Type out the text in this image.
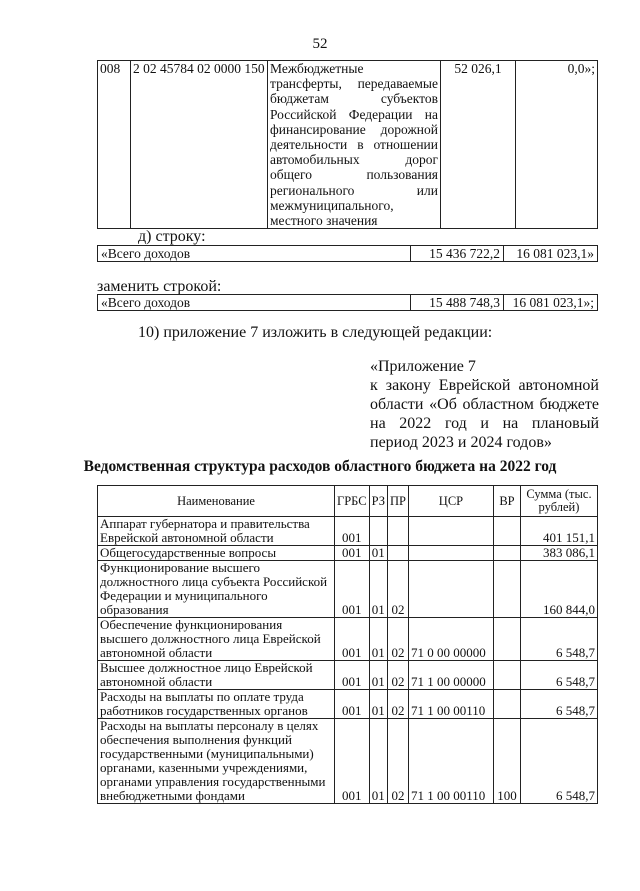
52
008	2 02 45784 02 0000 150	Межбюджетные трансферты, передаваемые бюджетам субъектов Российской Федерации на финансирование дорожной деятельности в отношении автомобильных дорог общего пользования регионального или межмуниципального, местного значения	52 026,1	0,0»;
д) строку:
«Всего доходов	15 436 722,2	16 081 023,1»
заменить строкой:
«Всего доходов	15 488 748,3	16 081 023,1»;
10) приложение 7 изложить в следующей редакции:
«Приложение 7
к закону Еврейской автономной области «Об областном бюджете на 2022 год и на плановый период 2023 и 2024 годов»
Ведомственная структура расходов областного бюджета на 2022 год
Наименование	ГРБС	РЗ	ПР	ЦСР	ВР	Сумма (тыс. рублей)
Аппарат губернатора и правительства Еврейской автономной области	001					401 151,1
Общегосударственные вопросы	001	01				383 086,1
Функционирование высшего должностного лица субъекта Российской Федерации и муниципального образования	001	01	02			160 844,0
Обеспечение функционирования высшего должностного лица Еврейской автономной области	001	01	02	71 0 00 00000		6 548,7
Высшее должностное лицо Еврейской автономной области	001	01	02	71 1 00 00000		6 548,7
Расходы на выплаты по оплате труда работников государственных органов	001	01	02	71 1 00 00110		6 548,7
Расходы на выплаты персоналу в целях обеспечения выполнения функций государственными (муниципальными) органами, казенными учреждениями, органами управления государственными внебюджетными фондами	001	01	02	71 1 00 00110	100	6 548,7
